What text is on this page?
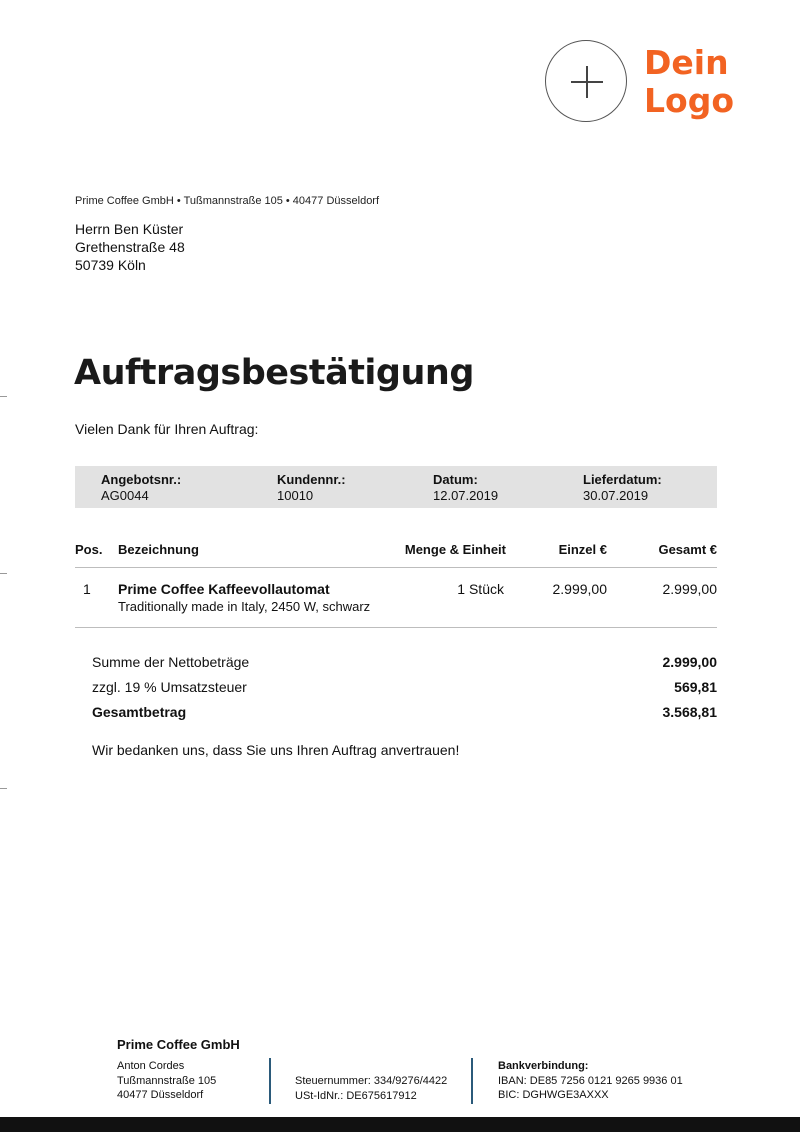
Dein
Logo
Prime Coffee GmbH • Tußmannstraße 105 • 40477 Düsseldorf
Herrn Ben Küster
Grethenstraße 48
50739 Köln
Auftragsbestätigung
Vielen Dank für Ihren Auftrag:
Angebotsnr.:
AG0044
Kundennr.:
10010
Datum:
12.07.2019
Lieferdatum:
30.07.2019
Pos. Bezeichnung	Menge & Einheit	Einzel €	Gesamt €
1 Prime Coffee Kaffeevollautomat
Traditionally made in Italy, 2450 W, schwarz
1 Stück	2.999,00	2.999,00
Summe der Nettobeträge	2.999,00
zzgl. 19 % Umsatzsteuer	569,81
Gesamtbetrag	3.568,81
Wir bedanken uns, dass Sie uns Ihren Auftrag anvertrauen!
Prime Coffee GmbH
Anton Cordes
Tußmannstraße 105
40477 Düsseldorf
Steuernummer: 334/9276/4422
USt-IdNr.: DE675617912
Bankverbindung:
IBAN: DE85 7256 0121 9265 9936 01
BIC: DGHWGE3AXXX
